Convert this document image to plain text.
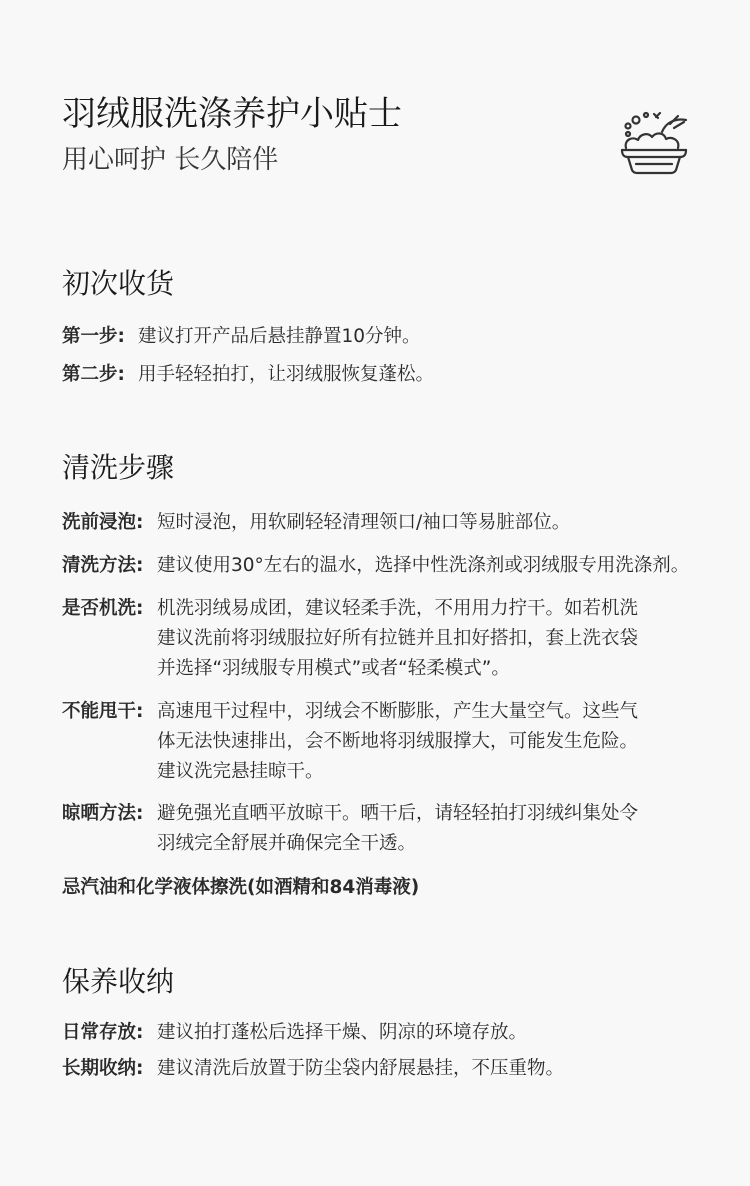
羽绒服洗涤养护小贴士
用心呵护 长久陪伴
初次收货
第一步: 建议打开产品后悬挂静置10分钟。
第二步: 用手轻轻拍打，让羽绒服恢复蓬松。
清洗步骤
洗前浸泡: 短时浸泡，用软刷轻轻清理领口/袖口等易脏部位。
清洗方法: 建议使用30°左右的温水，选择中性洗涤剂或羽绒服专用洗涤剂。
是否机洗: 机洗羽绒易成团，建议轻柔手洗，不用用力拧干。如若机洗
建议洗前将羽绒服拉好所有拉链并且扣好搭扣，套上洗衣袋
并选择“羽绒服专用模式”或者“轻柔模式”。
不能甩干: 高速甩干过程中，羽绒会不断膨胀，产生大量空气。这些气
体无法快速排出，会不断地将羽绒服撑大，可能发生危险。
建议洗完悬挂晾干。
晾晒方法: 避免强光直晒平放晾干。晒干后，请轻轻拍打羽绒纠集处令
羽绒完全舒展并确保完全干透。
忌汽油和化学液体擦洗(如酒精和84消毒液)
保养收纳
日常存放: 建议拍打蓬松后选择干燥、阴凉的环境存放。
长期收纳: 建议清洗后放置于防尘袋内舒展悬挂，不压重物。
